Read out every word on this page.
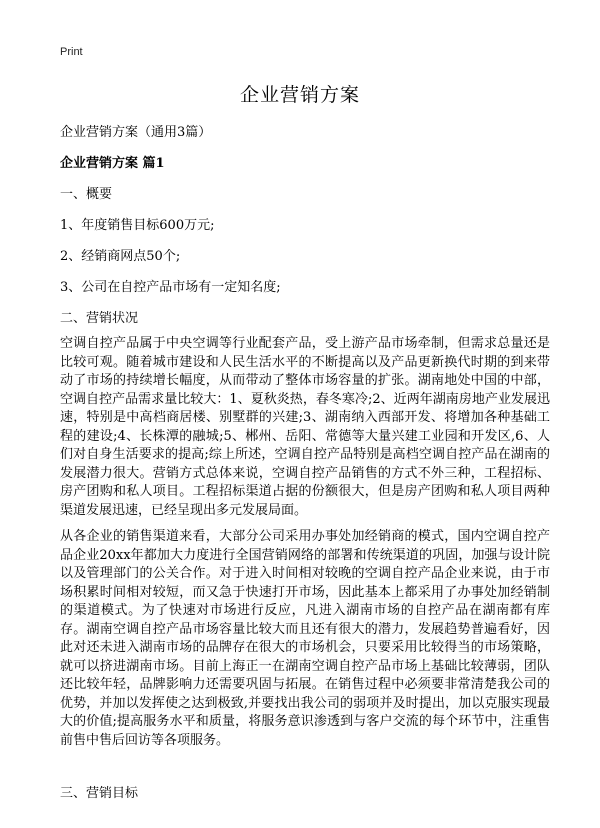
Print
企业营销方案
企业营销方案（通用3篇）
企业营销方案 篇1
一、概要
1、年度销售目标600万元;
2、经销商网点50个;
3、公司在自控产品市场有一定知名度;
二、营销状况
空调自控产品属于中央空调等行业配套产品，受上游产品市场牵制，但需求总量还是比较可观。随着城市建设和人民生活水平的不断提高以及产品更新换代时期的到来带动了市场的持续增长幅度，从而带动了整体市场容量的扩张。湖南地处中国的中部，空调自控产品需求量比较大：1、夏秋炎热，春冬寒冷;2、近两年湖南房地产业发展迅速，特别是中高档商居楼、别墅群的兴建;3、湖南纳入西部开发、将增加各种基础工程的建设;4、长株潭的融城;5、郴州、岳阳、常德等大量兴建工业园和开发区,6、人们对自身生活要求的提高;综上所述，空调自控产品特别是高档空调自控产品在湖南的发展潜力很大。营销方式总体来说，空调自控产品销售的方式不外三种，工程招标、房产团购和私人项目。工程招标渠道占据的份额很大，但是房产团购和私人项目两种渠道发展迅速，已经呈现出多元发展局面。
从各企业的销售渠道来看，大部分公司采用办事处加经销商的模式，国内空调自控产品企业20xx年都加大力度进行全国营销网络的部署和传统渠道的巩固，加强与设计院以及管理部门的公关合作。对于进入时间相对较晚的空调自控产品企业来说，由于市场积累时间相对较短，而又急于快速打开市场，因此基本上都采用了办事处加经销制的渠道模式。为了快速对市场进行反应，凡进入湖南市场的自控产品在湖南都有库存。湖南空调自控产品市场容量比较大而且还有很大的潜力，发展趋势普遍看好，因此对还未进入湖南市场的品牌存在很大的市场机会，只要采用比较得当的市场策略，就可以挤进湖南市场。目前上海正一在湖南空调自控产品市场上基础比较薄弱，团队还比较年轻，品牌影响力还需要巩固与拓展。在销售过程中必须要非常清楚我公司的优势，并加以发挥使之达到极致,并要找出我公司的弱项并及时提出，加以克服实现最大的价值;提高服务水平和质量，将服务意识渗透到与客户交流的每个环节中，注重售前售中售后回访等各项服务。
三、营销目标
